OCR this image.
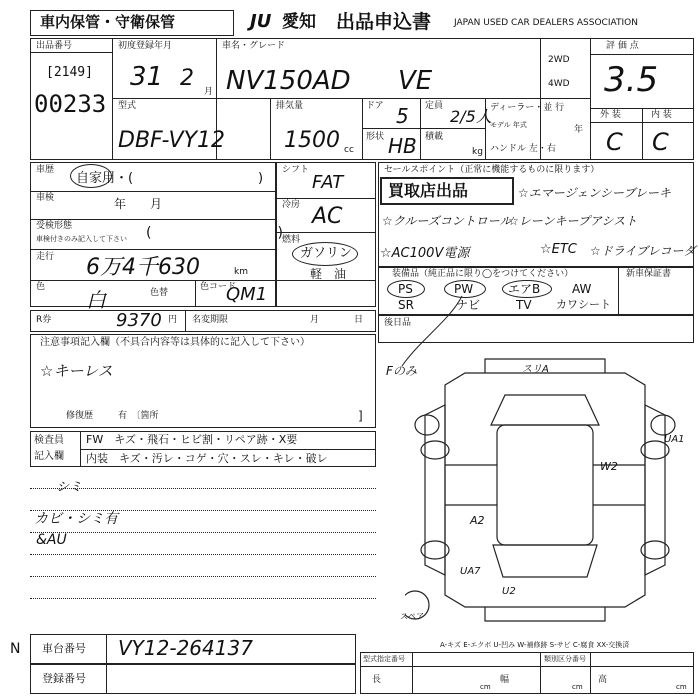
車内保管・守衛保管	JU 愛知 出品申込書	JAPAN USED CAR DEALERS ASSOCIATION
出品番号
[2149]
00233
初度登録年月
31 2
月
車名・グレード
NV150AD VE
2WD
4WD
評 価 点
3.5
外 装	内 装
C C
型式
DBF-VY12
排気量
1500 cc
ドア 5 定員
2/5人
形状 HB 積載
kg
ディーラー・並 行
モデル 年式	年
ハンドル 左・右
車歴
自家用・(	)
車検	年　　月
受検形態
車検付きのみ記入して下さい (　　　　　　　　　)
走行 6万4千630	km
色
白	色替
R券	9370 円 名変期限	月	日
色コード
QM1
シフト
FAT
冷房 AC
燃料
ガソリン
軽　油
セールスポイント（正常に機能するものに限ります）
買取店出品	☆エマージェンシーブレーキ
☆クルーズコントロール
☆レーンキープアシスト
☆AC100V電源	☆ETC ☆ドライブレコーダ
装備品（純正品に限り◯をつけてください）	新車保証書
PS	PW	エアB	AW
SR	ナビ	TV カワシート
後日品
Fのみ
注意事項記入欄（不具合内容等は具体的に記入して下さい）
☆キーレス
修復歴	有　〔箇所	]
検査員
記入欄
FW　キズ・飛石・ヒビ割・リペア跡・X要
内装　キズ・汚レ・コゲ・穴・スレ・キレ・破レ
シミ
カビ・シミ有
&AU
スリA
UA1
W2
A2
UA7
U2
スペア
A-キズ E-エクボ U-凹み W-補修跡 S-サビ C-腐食 XX-交換済
N 車台番号 VY12-264137
登録番号
型式指定番号	類別区分番号
長
cm
幅
cm
高
cm
